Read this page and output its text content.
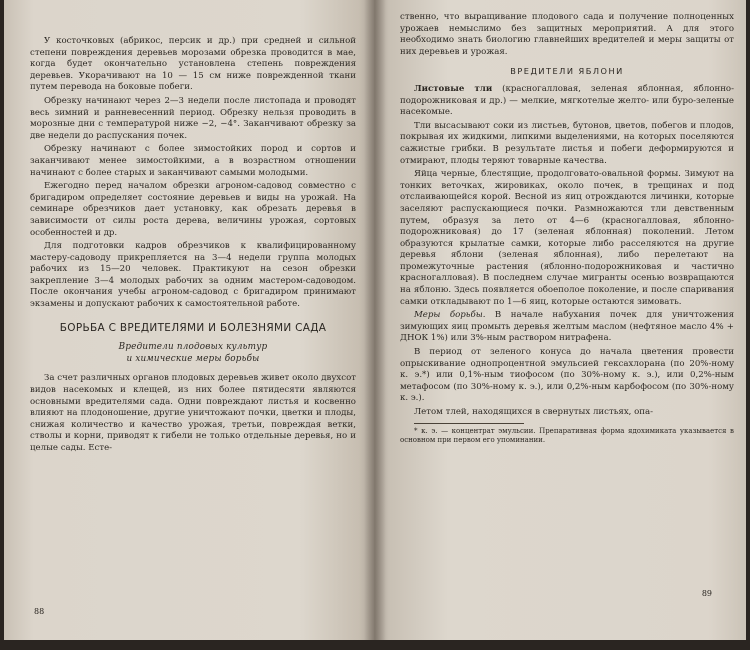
У косточковых (абрикос, персик и др.) при средней и сильной степени повреждения деревьев морозами обрезка проводится в мае, когда будет окончательно установлена степень повреждения деревьев. Укорачивают на 10 — 15 см ниже поврежденной ткани путем перевода на боковые побеги.

Обрезку начинают через 2—3 недели после листопада и проводят весь зимний и ранневесенний период. Обрезку нельзя проводить в морозные дни с температурой ниже −2, −4°. Заканчивают обрезку за две недели до распускания почек.

Обрезку начинают с более зимостойких пород и сортов и заканчивают менее зимостойкими, а в возрастном отношении начинают с более старых и заканчивают самыми молодыми.

Ежегодно перед началом обрезки агроном-садовод совместно с бригадиром определяет состояние деревьев и виды на урожай. На семинаре обрезчиков дает установку, как обрезать деревья в зависимости от силы роста дерева, величины урожая, сортовых особенностей и др.

Для подготовки кадров обрезчиков к квалифицированному мастеру-садоводу прикрепляется на 3—4 недели группа молодых рабочих из 15—20 человек. Практикуют на сезон обрезки закрепление 3—4 молодых рабочих за одним мастером-садоводом. После окончания учебы агроном-садовод с бригадиром принимают экзамены и допускают рабочих к самостоятельной работе.

БОРЬБА С ВРЕДИТЕЛЯМИ И БОЛЕЗНЯМИ САДА
Вредители плодовых культур
и химические меры борьбы

За счет различных органов плодовых деревьев живет около двухсот видов насекомых и клещей, из них более пятидесяти являются основными вредителями сада. Одни повреждают листья и косвенно влияют на плодоношение, другие уничтожают почки, цветки и плоды, снижая количество и качество урожая, третьи, повреждая ветки, стволы и корни, приводят к гибели не только отдельные деревья, но и целые сады. Есте-

88

ственно, что выращивание плодового сада и получение полноценных урожаев немыслимо без защитных мероприятий. А для этого необходимо знать биологию главнейших вредителей и меры защиты от них деревьев и урожая.

ВРЕДИТЕЛИ ЯБЛОНИ

Листовые тли (красногалловая, зеленая яблонная, яблонно-подорожниковая и др.) — мелкие, мягкотелые желто- или буро-зеленые насекомые.

Тли высасывают соки из листьев, бутонов, цветов, побегов и плодов, покрывая их жидкими, липкими выделениями, на которых поселяются сажистые грибки. В результате листья и побеги деформируются и отмирают, плоды теряют товарные качества.

Яйца черные, блестящие, продолговато-овальной формы. Зимуют на тонких веточках, жировиках, около почек, в трещинах и под отслаивающейся корой. Весной из яиц отрождаются личинки, которые заселяют распускающиеся почки. Размножаются тли девственным путем, образуя за лето от 4—6 (красногалловая, яблонно-подорожниковая) до 17 (зеленая яблонная) поколений. Летом образуются крылатые самки, которые либо расселяются на другие деревья яблони (зеленая яблонная), либо перелетают на промежуточные растения (яблонно-подорожниковая и частично красногалловая). В последнем случае мигранты осенью возвращаются на яблоню. Здесь появляется обоеполое поколение, и после спаривания самки откладывают по 1—6 яиц, которые остаются зимовать.

Меры борьбы. В начале набухания почек для уничтожения зимующих яиц промыть деревья желтым маслом (нефтяное масло 4% + ДНОК 1%) или 3%-ным раствором нитрафена.

В период от зеленого конуса до начала цветения провести опрыскивание однопроцентной эмульсией гексахлорана (по 20%-ному к. э.*) или 0,1%-ным тиофосом (по 30%-ному к. э.), или 0,2%-ным метафосом (по 30%-ному к. э.), или 0,2%-ным карбофосом (по 30%-ному к. э.).

Летом тлей, находящихся в свернутых листьях, опа-

* к. э. — концентрат эмульсии. Препаративная форма ядохимиката указывается в основном при первом его упоминании.

89
